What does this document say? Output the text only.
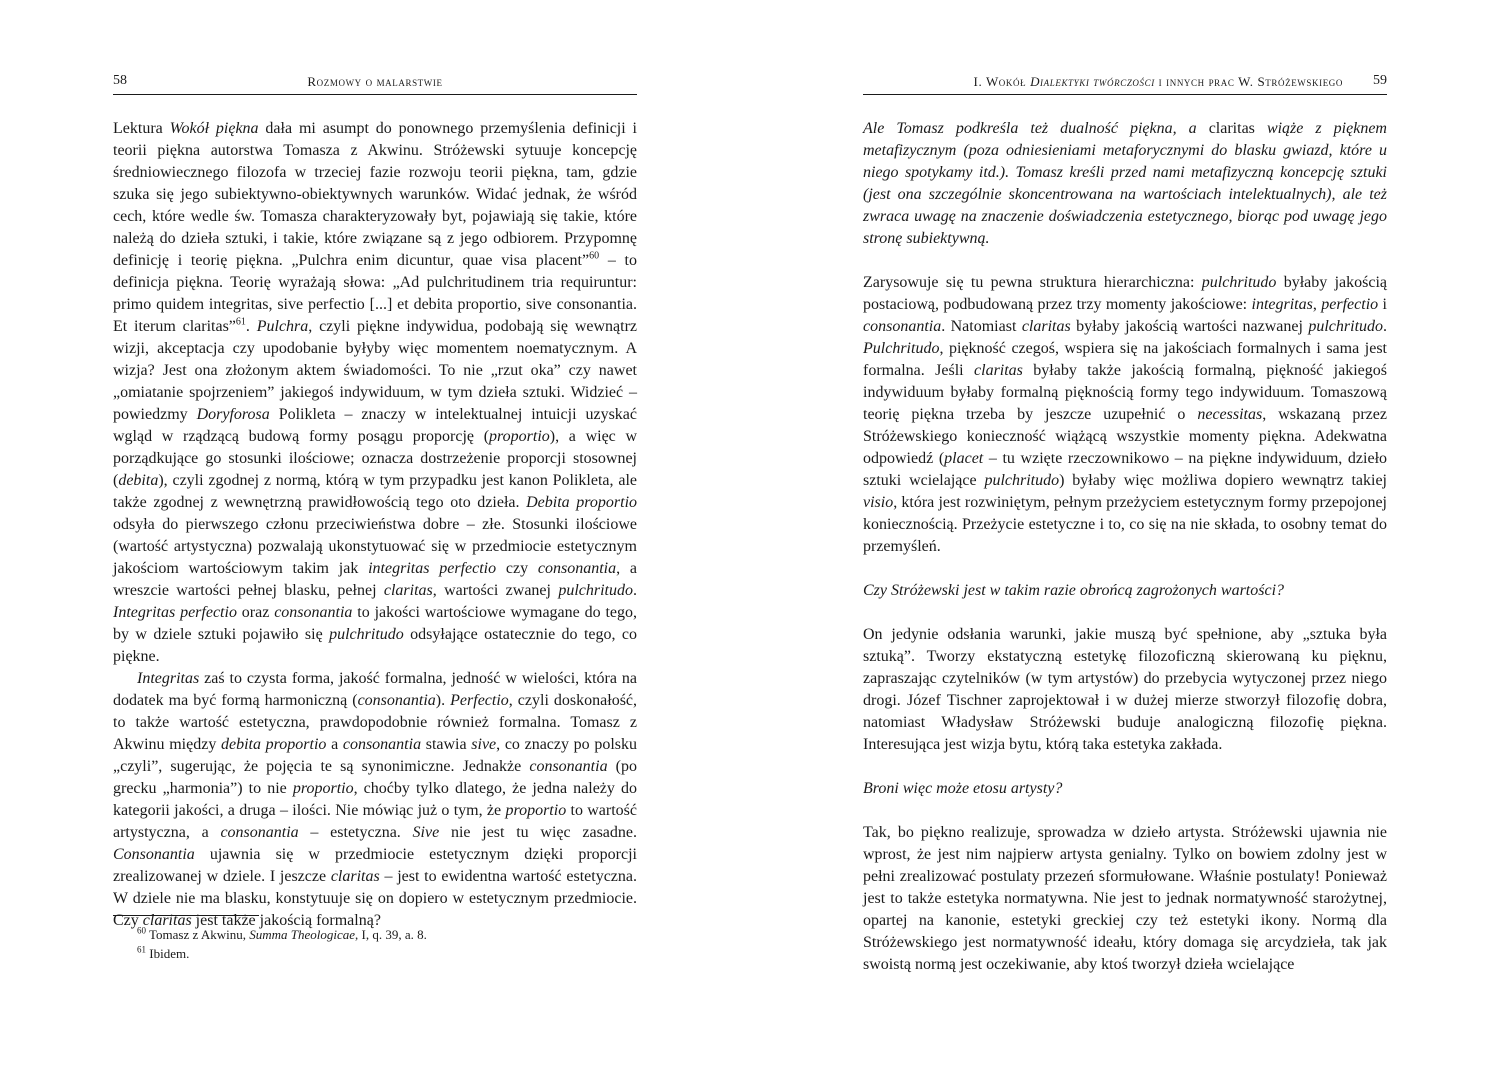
58	Rozmowy o malarstwie

Lektura Wokół piękna dała mi asumpt do ponownego przemyślenia definicji i teorii piękna autorstwa Tomasza z Akwinu. Stróżewski sytuuje koncepcję średniowiecznego filozofa w trzeciej fazie rozwoju teorii piękna, tam, gdzie szuka się jego subiektywno-obiektywnych warunków. Widać jednak, że wśród cech, które wedle św. Tomasza charakteryzowały byt, pojawiają się takie, które należą do dzieła sztuki, i takie, które związane są z jego odbiorem. Przypomnę definicję i teorię piękna. „Pulchra enim dicuntur, quae visa placent”$^{60}$ – to definicja piękna. Teorię wyrażają słowa: „Ad pulchritudinem tria requiruntur: primo quidem integritas, sive perfectio [...] et debita proportio, sive consonantia. Et iterum claritas”$^{61}$. Pulchra, czyli piękne indywidua, podobają się wewnątrz wizji, akceptacja czy upodobanie byłyby więc momentem noematycznym. A wizja? Jest ona złożonym aktem świadomości. To nie „rzut oka” czy nawet „omiatanie spojrzeniem” jakiegoś indywiduum, w tym dzieła sztuki. Widzieć – powiedzmy Doryforosa Polikleta – znaczy w intelektualnej intuicji uzyskać wgląd w rządzącą budową formy posągu proporcję (proportio), a więc w porządkujące go stosunki ilościowe; oznacza dostrzeżenie proporcji stosownej (debita), czyli zgodnej z normą, którą w tym przypadku jest kanon Polikleta, ale także zgodnej z wewnętrzną prawidłowością tego oto dzieła. Debita proportio odsyła do pierwszego członu przeciwieństwa dobre – złe. Stosunki ilościowe (wartość artystyczna) pozwalają ukonstytuować się w przedmiocie estetycznym jakościom wartościowym takim jak integritas perfectio czy consonantia, a wreszcie wartości pełnej blasku, pełnej claritas, wartości zwanej pulchritudo. Integritas perfectio oraz consonantia to jakości wartościowe wymagane do tego, by w dziele sztuki pojawiło się pulchritudo odsyłające ostatecznie do tego, co piękne.

Integritas zaś to czysta forma, jakość formalna, jedność w wielości, która na dodatek ma być formą harmoniczną (consonantia). Perfectio, czyli doskonałość, to także wartość estetyczna, prawdopodobnie również formalna. Tomasz z Akwinu między debita proportio a consonantia stawia sive, co znaczy po polsku „czyli”, sugerując, że pojęcia te są synonimiczne. Jednakże consonantia (po grecku „harmonia”) to nie proportio, choćby tylko dlatego, że jedna należy do kategorii jakości, a druga – ilości. Nie mówiąc już o tym, że proportio to wartość artystyczna, a consonantia – estetyczna. Sive nie jest tu więc zasadne. Consonantia ujawnia się w przedmiocie estetycznym dzięki proporcji zrealizowanej w dziele. I jeszcze claritas – jest to ewidentna wartość estetyczna. W dziele nie ma blasku, konstytuuje się on dopiero w estetycznym przedmiocie. Czy claritas jest także jakością formalną?

$^{60}$ Tomasz z Akwinu, Summa Theologicae, I, q. 39, a. 8.
$^{61}$ Ibidem.
I. Wokół Dialektyki twórczości i innych prac W. Stróżewskiego 59

Ale Tomasz podkreśla też dualność piękna, a claritas wiąże z pięknem metafizycznym (poza odniesieniami metaforycznymi do blasku gwiazd, które u niego spotykamy itd.). Tomasz kreśli przed nami metafizyczną koncepcję sztuki (jest ona szczególnie skoncentrowana na wartościach intelektualnych), ale też zwraca uwagę na znaczenie doświadczenia estetycznego, biorąc pod uwagę jego stronę subiektywną.

Zarysowuje się tu pewna struktura hierarchiczna: pulchritudo byłaby jakością postaciową, podbudowaną przez trzy momenty jakościowe: integritas, perfectio i consonantia. Natomiast claritas byłaby jakością wartości nazwanej pulchritudo. Pulchritudo, piękność czegoś, wspiera się na jakościach formalnych i sama jest formalna. Jeśli claritas byłaby także jakością formalną, piękność jakiegoś indywiduum byłaby formalną pięknością formy tego indywiduum. Tomaszową teorię piękna trzeba by jeszcze uzupełnić o necessitas, wskazaną przez Stróżewskiego konieczność wiążącą wszystkie momenty piękna. Adekwatna odpowiedź (placet – tu wzięte rzeczownikowo – na piękne indywiduum, dzieło sztuki wcielające pulchritudo) byłaby więc możliwa dopiero wewnątrz takiej visio, która jest rozwiniętym, pełnym przeżyciem estetycznym formy przepojonej koniecznością. Przeżycie estetyczne i to, co się na nie składa, to osobny temat do przemyśleń.

Czy Stróżewski jest w takim razie obrońcą zagrożonych wartości?

On jedynie odsłania warunki, jakie muszą być spełnione, aby „sztuka była sztuką”. Tworzy ekstatyczną estetykę filozoficzną skierowaną ku pięknu, zapraszając czytelników (w tym artystów) do przebycia wytyczonej przez niego drogi. Józef Tischner zaprojektował i w dużej mierze stworzył filozofię dobra, natomiast Władysław Stróżewski buduje analogiczną filozofię piękna. Interesująca jest wizja bytu, którą taka estetyka zakłada.

Broni więc może etosu artysty?

Tak, bo piękno realizuje, sprowadza w dzieło artysta. Stróżewski ujawnia nie wprost, że jest nim najpierw artysta genialny. Tylko on bowiem zdolny jest w pełni zrealizować postulaty przezeń sformułowane. Właśnie postulaty! Ponieważ jest to także estetyka normatywna. Nie jest to jednak normatywność starożytnej, opartej na kanonie, estetyki greckiej czy też estetyki ikony. Normą dla Stróżewskiego jest normatywność ideału, który domaga się arcydzieła, tak jak swoistą normą jest oczekiwanie, aby ktoś tworzył dzieła wcielające
